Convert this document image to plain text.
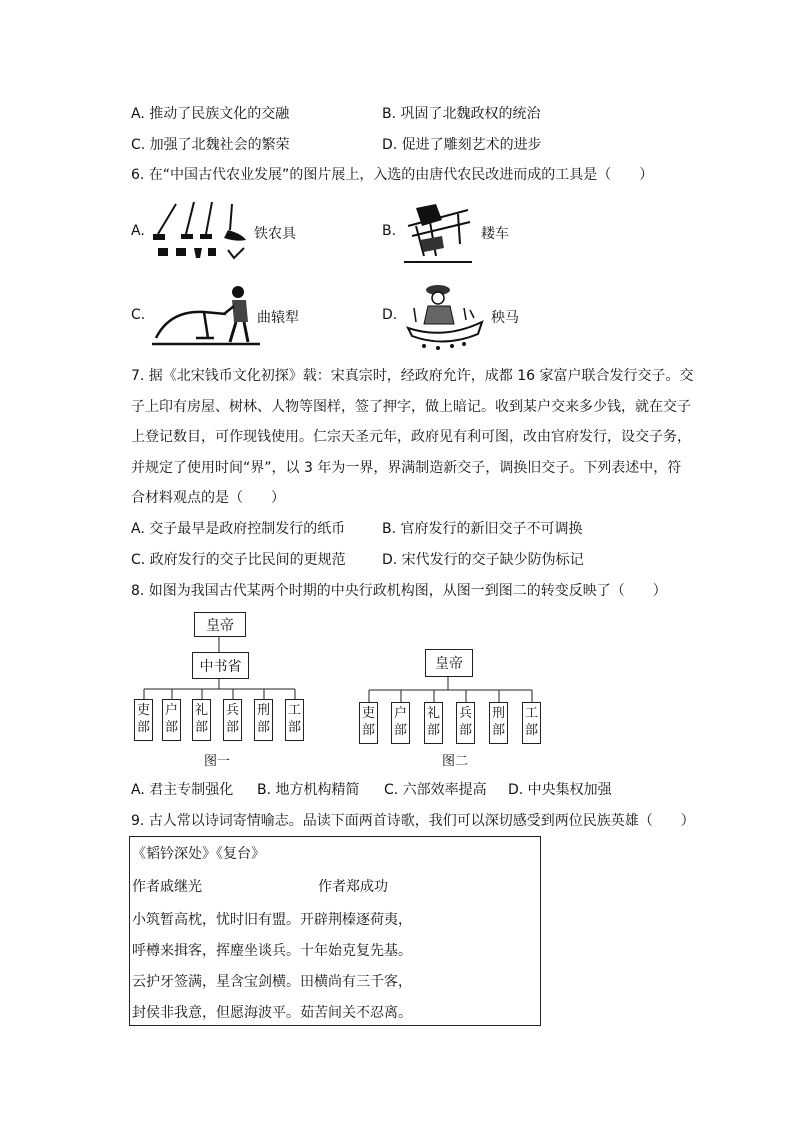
A. 推动了民族文化的交融	B. 巩固了北魏政权的统治
C. 加强了北魏社会的繁荣	D. 促进了雕刻艺术的进步
6. 在“中国古代农业发展”的图片展上，入选的由唐代农民改进而成的工具是（　　）
A.	铁农具	B.	耧车
C.	曲辕犁	D.	秧马
7. 据《北宋钱币文化初探》载：宋真宗时，经政府允许，成都 16 家富户联合发行交子。交
子上印有房屋、树林、人物等图样，签了押字，做上暗记。收到某户交来多少钱，就在交子
上登记数目，可作现钱使用。仁宗天圣元年，政府见有利可图，改由官府发行，设交子务，
并规定了使用时间“界”，以 3 年为一界，界满制造新交子，调换旧交子。下列表述中，符
合材料观点的是（　　）
A. 交子最早是政府控制发行的纸币	B. 官府发行的新旧交子不可调换
C. 政府发行的交子比民间的更规范	D. 宋代发行的交子缺少防伪标记
8. 如图为我国古代某两个时期的中央行政机构图，从图一到图二的转变反映了（　　）
皇帝
中书省
吏部
户部
礼部
兵部
刑部
工部
图一
皇帝
吏部
户部
礼部
兵部
刑部
工部
图二
A. 君主专制强化 B. 地方机构精简 C. 六部效率提高 D. 中央集权加强
9. 古人常以诗词寄情喻志。品读下面两首诗歌，我们可以深切感受到两位民族英雄（　　）
《韬钤深处》《复台》
作者戚继光	作者郑成功
小筑暂高枕，忧时旧有盟。开辟荆榛逐荷夷，
呼樽来揖客，挥麈坐谈兵。十年始克复先基。
云护牙签满，星含宝剑横。田横尚有三千客，
封侯非我意，但愿海波平。茹苦间关不忍离。
